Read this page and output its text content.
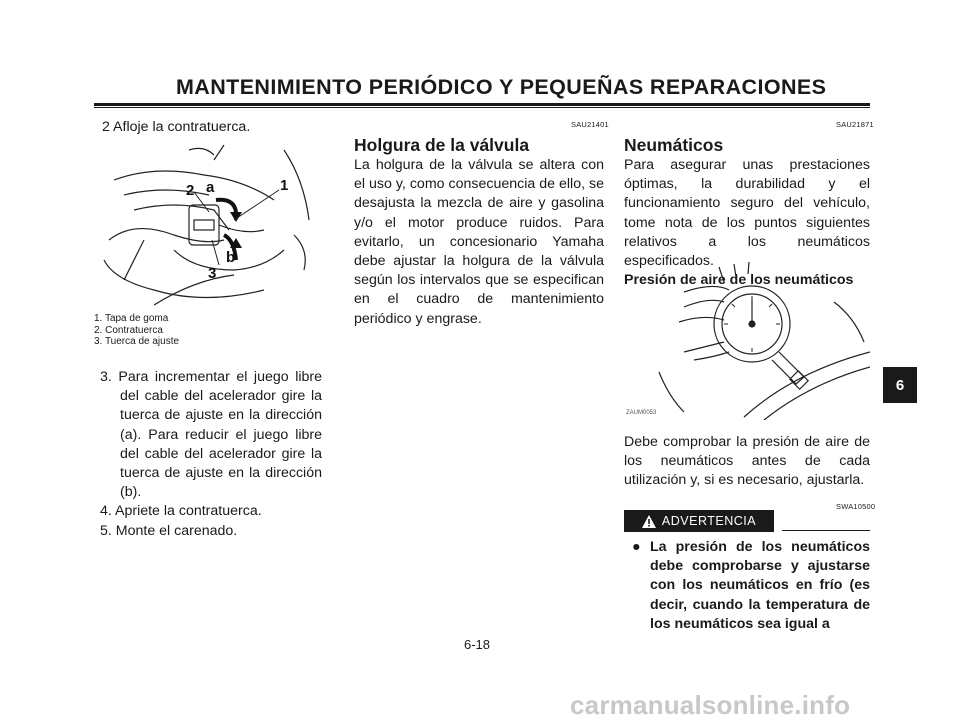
MANTENIMIENTO PERIÓDICO Y PEQUEÑAS REPARACIONES

2 Afloje la contratuerca.

2 a	1
b
3
1. Tapa de goma
2. Contratuerca
3. Tuerca de ajuste

3. Para incrementar el juego libre del cable del acelerador gire la tuerca de ajuste en la dirección (a). Para reducir el juego libre del cable del acelerador gire la tuerca de ajuste en la dirección (b).

4. Apriete la contratuerca.

5. Monte el carenado.

SAU21401
Holgura de la válvula

La holgura de la válvula se altera con el uso y, como consecuencia de ello, se desajusta la mezcla de aire y gasolina y/o el motor produce ruidos. Para evitarlo, un concesionario Yamaha debe ajustar la holgura de la válvula según los intervalos que se especifican en el cuadro de mantenimiento periódico y engrase.

SAU21871
Neumáticos

Para asegurar unas prestaciones óptimas, la durabilidad y el funcionamiento seguro del vehículo, tome nota de los puntos siguientes relativos a los neumáticos especificados.

Presión de aire de los neumáticos

ZAUM0053

Debe comprobar la presión de aire de los neumáticos antes de cada utilización y, si es necesario, ajustarla.

SWA10500
ADVERTENCIA
● La presión de los neumáticos debe comprobarse y ajustarse con los neumáticos en frío (es decir, cuando la temperatura de los neumáticos sea igual a

6
6-18
carmanualsonline.info
